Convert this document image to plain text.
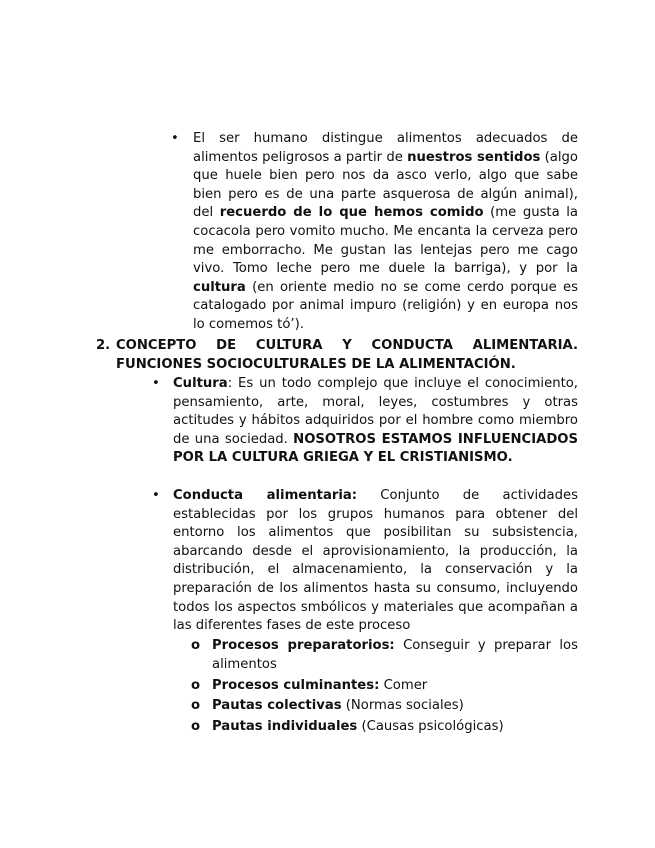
• El ser humano distingue alimentos adecuados de alimentos peligrosos a partir de nuestros sentidos (algo que huele bien pero nos da asco verlo, algo que sabe bien pero es de una parte asquerosa de algún animal), del recuerdo de lo que hemos comido (me gusta la cocacola pero vomito mucho. Me encanta la cerveza pero me emborracho. Me gustan las lentejas pero me cago vivo. Tomo leche pero me duele la barriga), y por la cultura (en oriente medio no se come cerdo porque es catalogado por animal impuro (religión) y en europa nos lo comemos tó’).
2. CONCEPTO DE CULTURA Y CONDUCTA ALIMENTARIA.
FUNCIONES SOCIOCULTURALES DE LA ALIMENTACIÓN.
• Cultura: Es un todo complejo que incluye el conocimiento, pensamiento, arte, moral, leyes, costumbres y otras actitudes y hábitos adquiridos por el hombre como miembro de una sociedad. NOSOTROS ESTAMOS INFLUENCIADOS POR LA CULTURA GRIEGA Y EL CRISTIANISMO.
• Conducta alimentaria: Conjunto de actividades
establecidas por los grupos humanos para obtener del entorno los alimentos que posibilitan su subsistencia, abarcando desde el aprovisionamiento, la producción, la distribución, el almacenamiento, la conservación y la preparación de los alimentos hasta su consumo, incluyendo todos los aspectos smbólicos y materiales que acompañan a las diferentes fases de este proceso
o Procesos preparatorios: Conseguir y preparar los
alimentos
o Procesos culminantes: Comer
o Pautas colectivas (Normas sociales)
o Pautas individuales (Causas psicológicas)
